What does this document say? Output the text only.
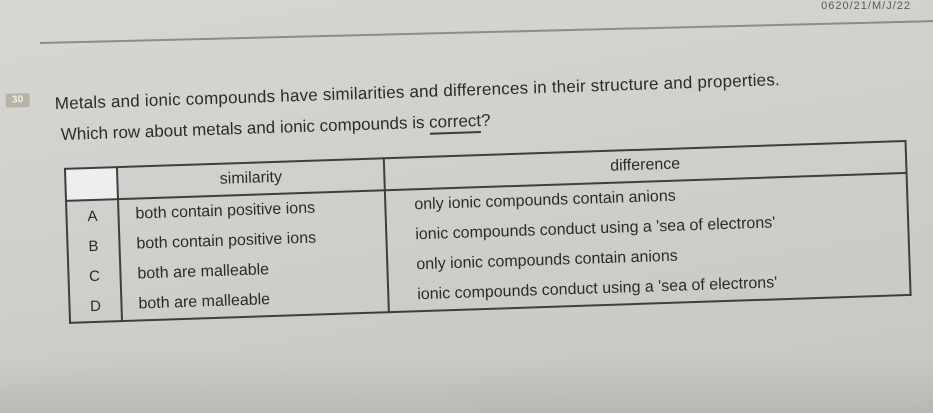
0620/21/M/J/22
30	Metals and ionic compounds have similarities and differences in their structure and properties.
Which row about metals and ionic compounds is correct?
	similarity	difference
A	both contain positive ions	only ionic compounds contain anions
B	both contain positive ions	ionic compounds conduct using a 'sea of electrons'
C	both are malleable	only ionic compounds contain anions
D	both are malleable	ionic compounds conduct using a 'sea of electrons'
